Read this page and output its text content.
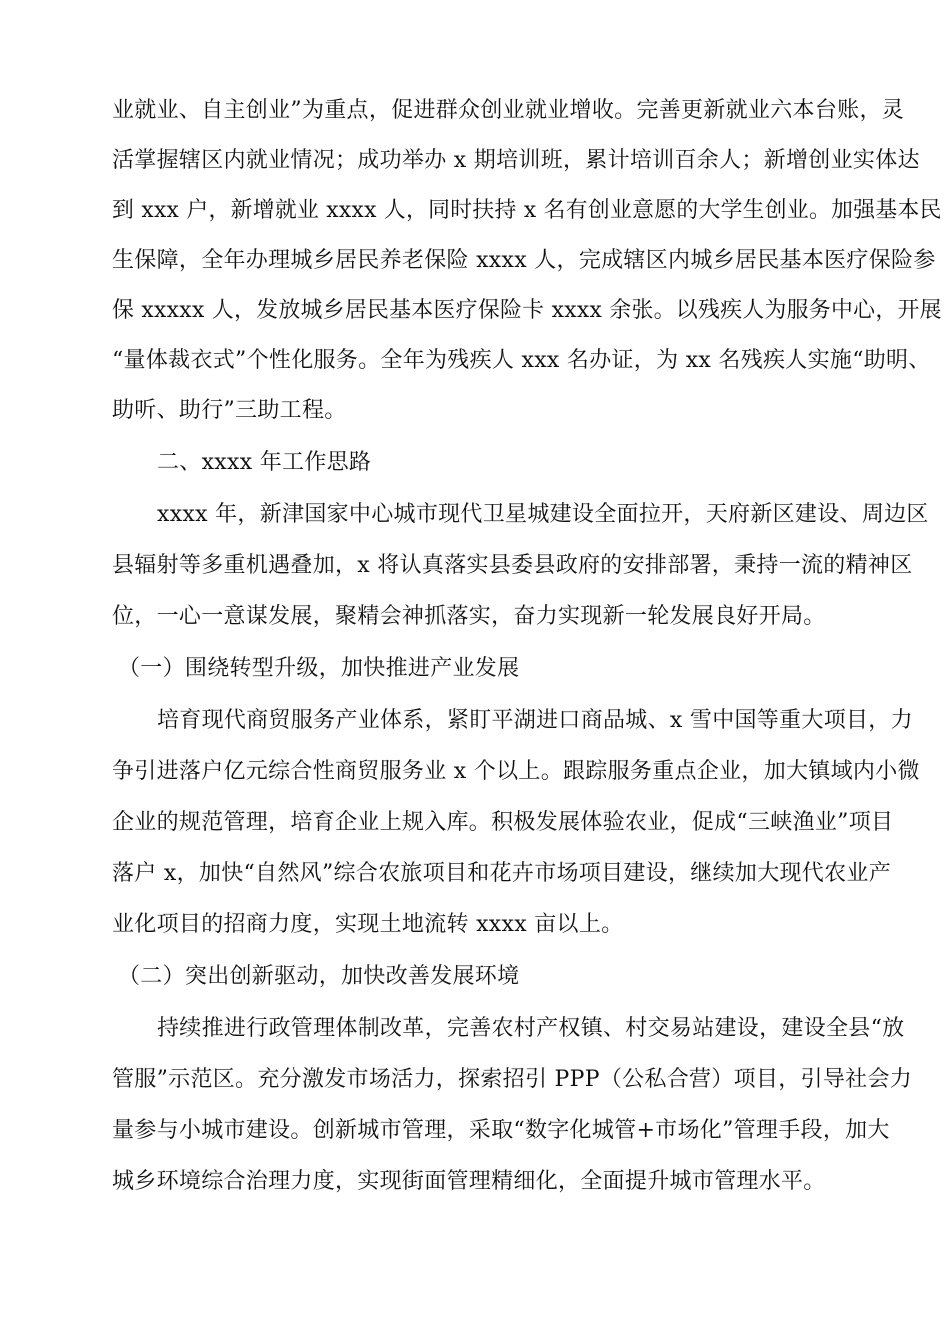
业就业、自主创业”为重点，促进群众创业就业增收。完善更新就业六本台账，灵
活掌握辖区内就业情况；成功举办 x 期培训班，累计培训百余人；新增创业实体达
到 xxx 户，新增就业 xxxx 人，同时扶持 x 名有创业意愿的大学生创业。加强基本民
生保障，全年办理城乡居民养老保险 xxxx 人，完成辖区内城乡居民基本医疗保险参
保 xxxxx 人，发放城乡居民基本医疗保险卡 xxxx 余张。以残疾人为服务中心，开展
“量体裁衣式”个性化服务。全年为残疾人 xxx 名办证，为 xx 名残疾人实施“助明、
助听、助行”三助工程。
二、xxxx 年工作思路
xxxx 年，新津国家中心城市现代卫星城建设全面拉开，天府新区建设、周边区
县辐射等多重机遇叠加，x 将认真落实县委县政府的安排部署，秉持一流的精神区
位，一心一意谋发展，聚精会神抓落实，奋力实现新一轮发展良好开局。
（一）围绕转型升级，加快推进产业发展
培育现代商贸服务产业体系，紧盯平湖进口商品城、x 雪中国等重大项目，力
争引进落户亿元综合性商贸服务业 x 个以上。跟踪服务重点企业，加大镇域内小微
企业的规范管理，培育企业上规入库。积极发展体验农业，促成“三峡渔业”项目
落户 x，加快“自然风”综合农旅项目和花卉市场项目建设，继续加大现代农业产
业化项目的招商力度，实现土地流转 xxxx 亩以上。
（二）突出创新驱动，加快改善发展环境
持续推进行政管理体制改革，完善农村产权镇、村交易站建设，建设全县“放
管服”示范区。充分激发市场活力，探索招引 PPP（公私合营）项目，引导社会力
量参与小城市建设。创新城市管理，采取“数字化城管+市场化”管理手段，加大
城乡环境综合治理力度，实现街面管理精细化，全面提升城市管理水平。
